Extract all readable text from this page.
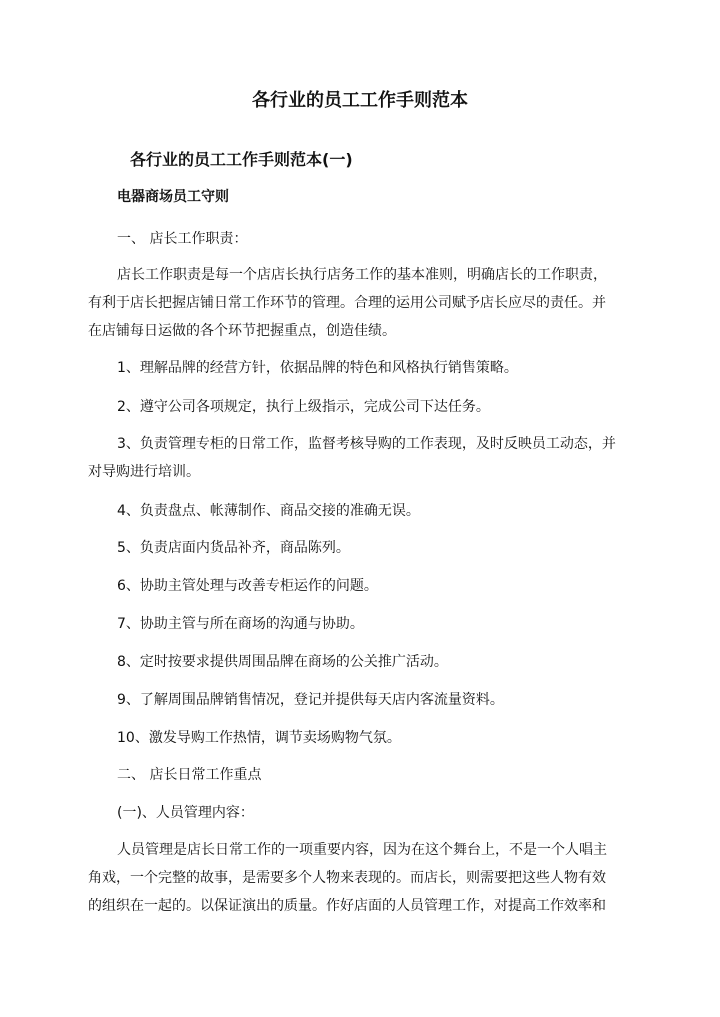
各行业的员工工作手则范本
各行业的员工工作手则范本(一)
电器商场员工守则
一、 店长工作职责：
店长工作职责是每一个店店长执行店务工作的基本准则，明确店长的工作职责，
有利于店长把握店铺日常工作环节的管理。合理的运用公司赋予店长应尽的责任。并
在店铺每日运做的各个环节把握重点，创造佳绩。
1、理解品牌的经营方针，依据品牌的特色和风格执行销售策略。
2、遵守公司各项规定，执行上级指示，完成公司下达任务。
3、负责管理专柜的日常工作，监督考核导购的工作表现，及时反映员工动态，并
对导购进行培训。
4、负责盘点、帐薄制作、商品交接的准确无误。
5、负责店面内货品补齐，商品陈列。
6、协助主管处理与改善专柜运作的问题。
7、协助主管与所在商场的沟通与协助。
8、定时按要求提供周围品牌在商场的公关推广活动。
9、了解周围品牌销售情况，登记并提供每天店内客流量资料。
10、激发导购工作热情，调节卖场购物气氛。
二、 店长日常工作重点
(一)、人员管理内容：
人员管理是店长日常工作的一项重要内容，因为在这个舞台上，不是一个人唱主
角戏，一个完整的故事，是需要多个人物来表现的。而店长，则需要把这些人物有效
的组织在一起的。以保证演出的质量。作好店面的人员管理工作，对提高工作效率和
